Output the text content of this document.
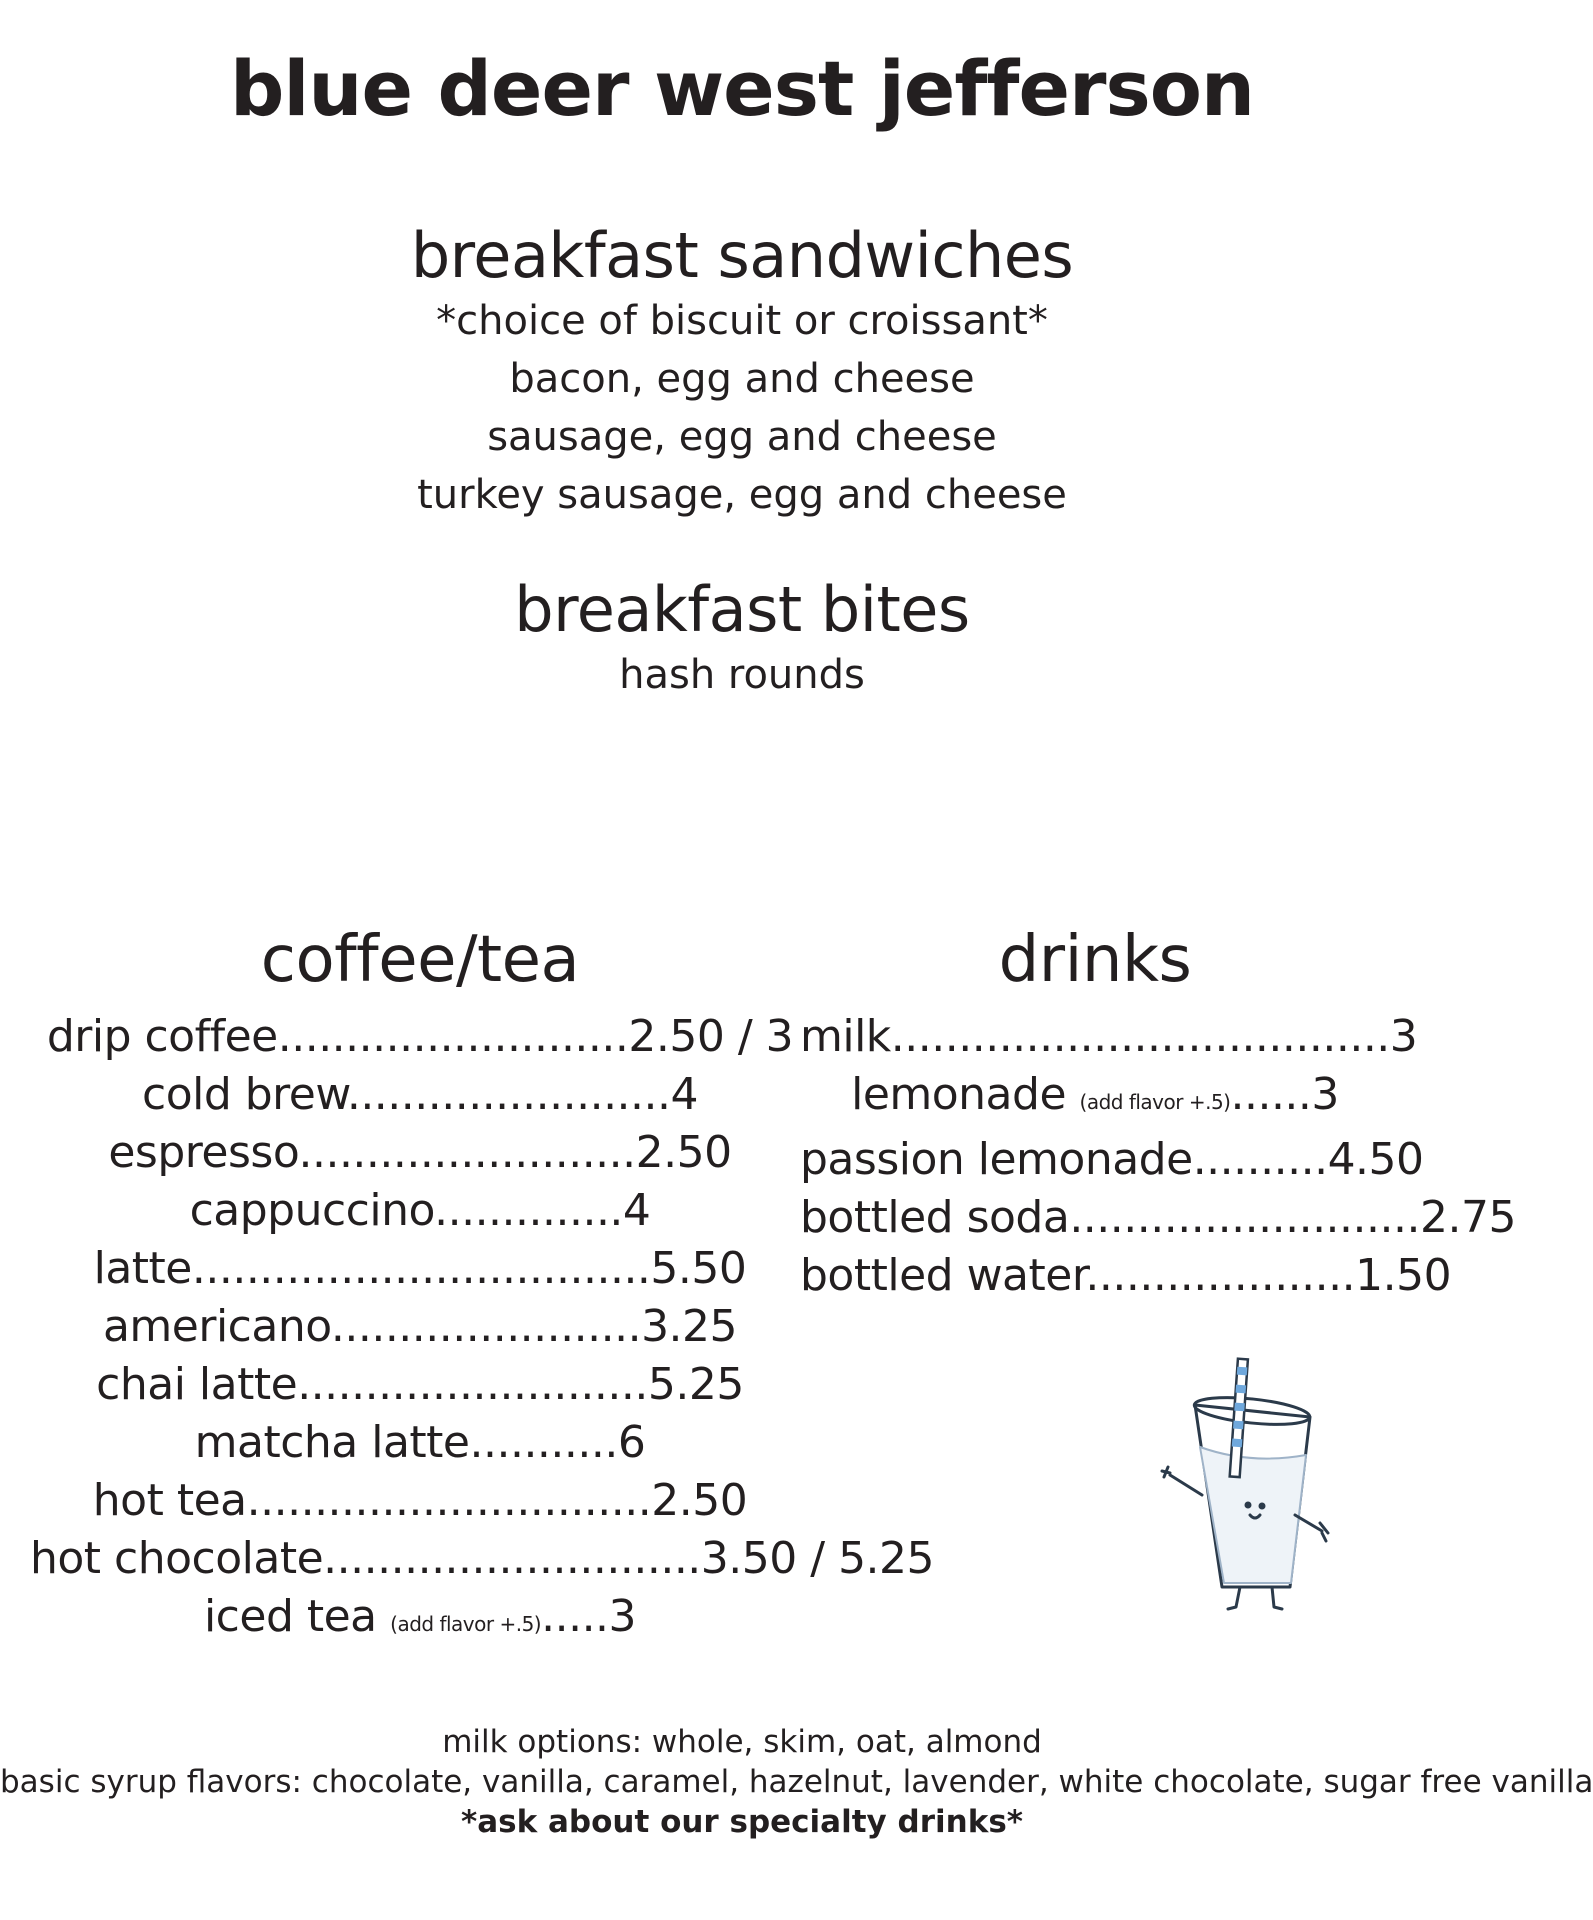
blue deer west jefferson
breakfast sandwiches
*choice of biscuit or croissant*
bacon, egg and cheese
sausage, egg and cheese
turkey sausage, egg and cheese
breakfast bites
hash rounds
coffee/tea
drip coffee..........................2.50 / 3
cold brew........................4
espresso.........................2.50
cappuccino..............4
latte..................................5.50
americano.......................3.25
chai latte..........................5.25
matcha latte...........6
hot tea..............................2.50
hot chocolate............................3.50 / 5.25
iced tea (add flavor +.5).....3
drinks
milk.....................................3
lemonade (add flavor +.5)......3
passion lemonade..........4.50
bottled soda..........................2.75
bottled water....................1.50
milk options: whole, skim, oat, almond
basic syrup flavors: chocolate, vanilla, caramel, hazelnut, lavender, white chocolate, sugar free vanilla
*ask about our specialty drinks*
